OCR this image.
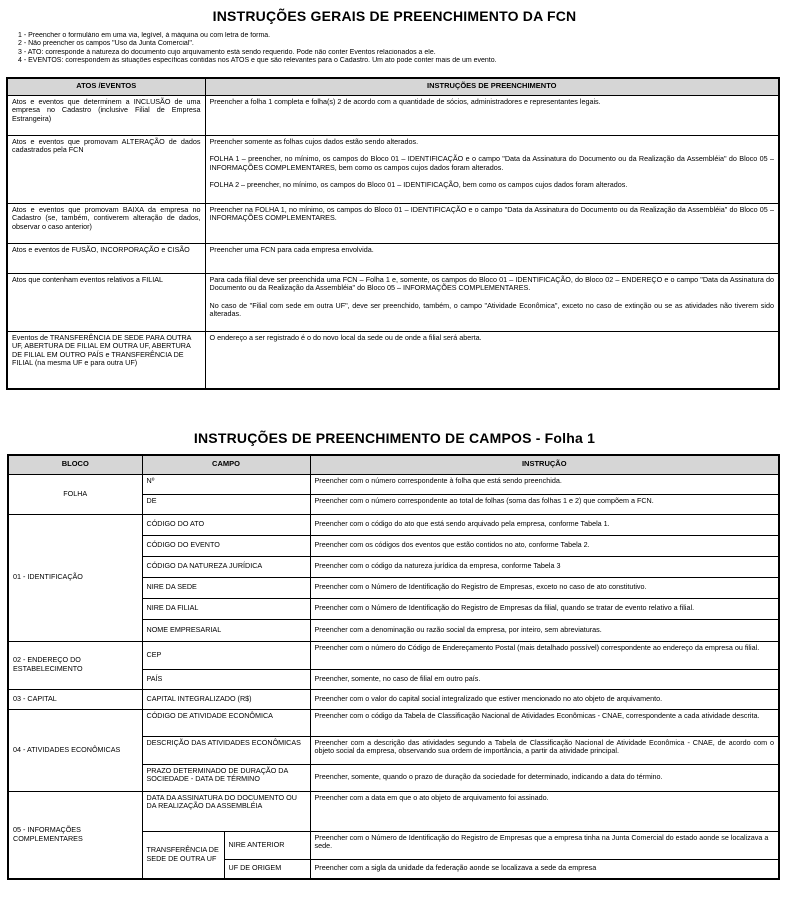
INSTRUÇÕES GERAIS DE PREENCHIMENTO DA FCN
1 - Preencher o formulário em uma via, legível, à máquina ou com letra de forma.
2 - Não preencher os campos "Uso da Junta Comercial".
3 - ATO: corresponde à natureza do documento cujo arquivamento está sendo requerido. Pode não conter Eventos relacionados a ele.
4 - EVENTOS: correspondem às situações específicas contidas nos ATOS e que são relevantes para o Cadastro. Um ato pode conter mais de um evento.
ATOS /EVENTOS	INSTRUÇÕES DE PREENCHIMENTO
Atos e eventos que determinem a INCLUSÃO de uma empresa no Cadastro (inclusive Filial de Empresa Estrangeira)	Preencher a folha 1 completa e folha(s) 2 de acordo com a quantidade de sócios, administradores e representantes legais.

Atos e eventos que promovam ALTERAÇÃO de dados cadastrados pela FCN	Preencher somente as folhas cujos dados estão sendo alterados.
FOLHA 1 – preencher, no mínimo, os campos do Bloco 01 – IDENTIFICAÇÃO e o campo "Data da Assinatura do Documento ou da Realização da Assembléia" do Bloco 05 – INFORMAÇÕES COMPLEMENTARES, bem como os campos cujos dados foram alterados.
FOLHA 2 – preencher, no mínimo, os campos do Bloco 01 – IDENTIFICAÇÃO, bem como os campos cujos dados foram alterados.

Atos e eventos que promovam BAIXA da empresa no Cadastro (se, também, contiverem alteração de dados, observar o caso anterior)	Preencher na FOLHA 1, no mínimo, os campos do Bloco 01 – IDENTIFICAÇÃO e o campo "Data da Assinatura do Documento ou da Realização da Assembléia" do Bloco 05 – INFORMAÇÕES COMPLEMENTARES.

Atos e eventos de FUSÃO, INCORPORAÇÃO e CISÃO	Preencher uma FCN para cada empresa envolvida.

Atos que contenham eventos relativos a FILIAL	Para cada filial deve ser preenchida uma FCN – Folha 1 e, somente, os campos do Bloco 01 – IDENTIFICAÇÃO, do Bloco 02 – ENDEREÇO e o campo "Data da Assinatura do Documento ou da Realização da Assembléia" do Bloco 05 – INFORMAÇÕES COMPLEMENTARES.
No caso de "Filial com sede em outra UF", deve ser preenchido, também, o campo "Atividade Econômica", exceto no caso de extinção ou se as atividades não tiverem sido alteradas.

Eventos de TRANSFERÊNCIA DE SEDE PARA OUTRA UF, ABERTURA DE FILIAL EM OUTRA UF, ABERTURA DE FILIAL EM OUTRO PAÍS e TRANSFERÊNCIA DE FILIAL (na mesma UF e para outra UF)	O endereço a ser registrado é o do novo local da sede ou de onde a filial será aberta.
INSTRUÇÕES DE PREENCHIMENTO DE CAMPOS - Folha 1
BLOCO	CAMPO		INSTRUÇÃO
FOLHA	Nº		Preencher com o número correspondente à folha que está sendo preenchida.
	DE		Preencher com o número correspondente ao total de folhas (soma das folhas 1 e 2) que compõem a FCN.
01 - IDENTIFICAÇÃO	CÓDIGO DO ATO		Preencher com o código do ato que está sendo arquivado pela empresa, conforme Tabela 1.
	CÓDIGO DO EVENTO		Preencher com os códigos dos eventos que estão contidos no ato, conforme Tabela 2.
	CÓDIGO DA NATUREZA JURÍDICA		Preencher com o código da natureza jurídica da empresa, conforme Tabela 3
	NIRE DA SEDE		Preencher com o Número de Identificação do Registro de Empresas, exceto no caso de ato constitutivo.
	NIRE DA FILIAL		Preencher com o Número de Identificação do Registro de Empresas da filial, quando se tratar de evento relativo a filial.
	NOME EMPRESARIAL		Preencher com a denominação ou razão social da empresa, por inteiro, sem abreviaturas.
02 - ENDEREÇO DO ESTABELECIMENTO	CEP		Preencher com o número do Código de Endereçamento Postal (mais detalhado possível) correspondente ao endereço da empresa ou filial.
	PAÍS		Preencher, somente, no caso de filial em outro país.
03 - CAPITAL	CAPITAL INTEGRALIZADO (R$)		Preencher com o valor do capital social integralizado que estiver mencionado no ato objeto de arquivamento.
04 - ATIVIDADES ECONÔMICAS	CÓDIGO DE ATIVIDADE ECONÔMICA		Preencher com o código da Tabela de Classificação Nacional de Atividades Econômicas - CNAE, correspondente a cada atividade descrita.
	DESCRIÇÃO DAS ATIVIDADES ECONÔMICAS		Preencher com a descrição das atividades segundo a Tabela de Classificação Nacional de Atividade Econômica - CNAE, de acordo com o objeto social da empresa, observando sua ordem de importância, a partir da atividade principal.
	PRAZO DETERMINADO DE DURAÇÃO DA SOCIEDADE - DATA DE TÉRMINO		Preencher, somente, quando o prazo de duração da sociedade for determinado, indicando a data do término.
05 - INFORMAÇÕES COMPLEMENTARES	DATA DA ASSINATURA DO DOCUMENTO OU DA REALIZAÇÃO DA ASSEMBLÉIA		Preencher com a data em que o ato objeto de arquivamento foi assinado.
	TRANSFERÊNCIA DE SEDE DE OUTRA UF	NIRE ANTERIOR	Preencher com o Número de Identificação do Registro de Empresas que a empresa tinha na Junta Comercial do estado aonde se localizava a sede.
		UF DE ORIGEM	Preencher com a sigla da unidade da federação aonde se localizava a sede da empresa
